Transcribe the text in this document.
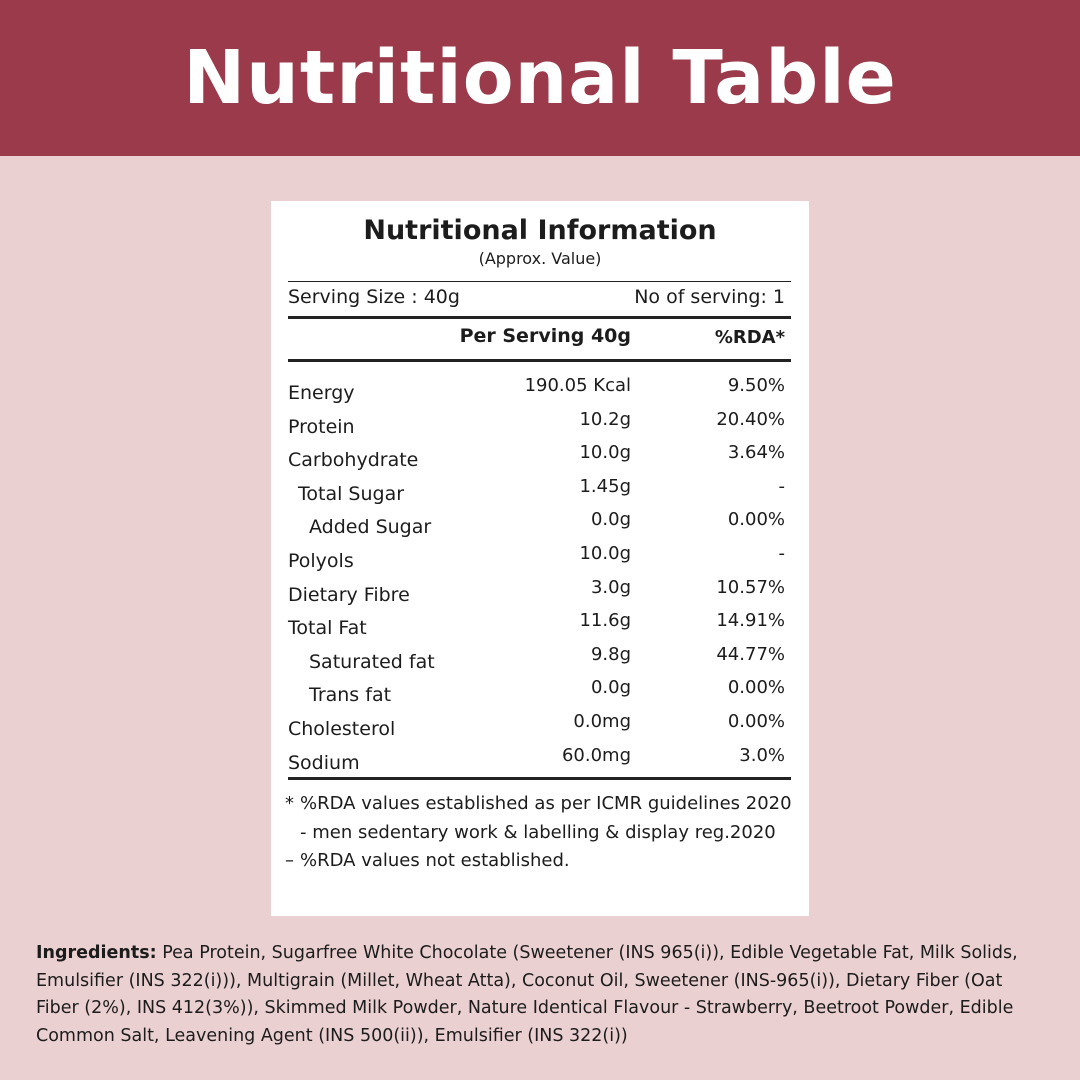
Nutritional Table
Nutritional Information
(Approx. Value)
Serving Size : 40g	No of serving: 1
Per Serving 40g	%RDA*
Energy	190.05 Kcal	9.50%
Protein	10.2g	20.40%
Carbohydrate	10.0g	3.64%
Total Sugar	1.45g	-
Added Sugar	0.0g	0.00%
Polyols	10.0g	-
Dietary Fibre	3.0g	10.57%
Total Fat	11.6g	14.91%
Saturated fat	9.8g	44.77%
Trans fat	0.0g	0.00%
Cholesterol	0.0mg	0.00%
Sodium	60.0mg	3.0%
* %RDA values established as per ICMR guidelines 2020 - men sedentary work & labelling & display reg.2020
– %RDA values not established.
Ingredients: Pea Protein, Sugarfree White Chocolate (Sweetener (INS 965(i)), Edible Vegetable Fat, Milk Solids, Emulsifier (INS 322(i))), Multigrain (Millet, Wheat Atta), Coconut Oil, Sweetener (INS-965(i)), Dietary Fiber (Oat Fiber (2%), INS 412(3%)), Skimmed Milk Powder, Nature Identical Flavour - Strawberry, Beetroot Powder, Edible Common Salt, Leavening Agent (INS 500(ii)), Emulsifier (INS 322(i))
